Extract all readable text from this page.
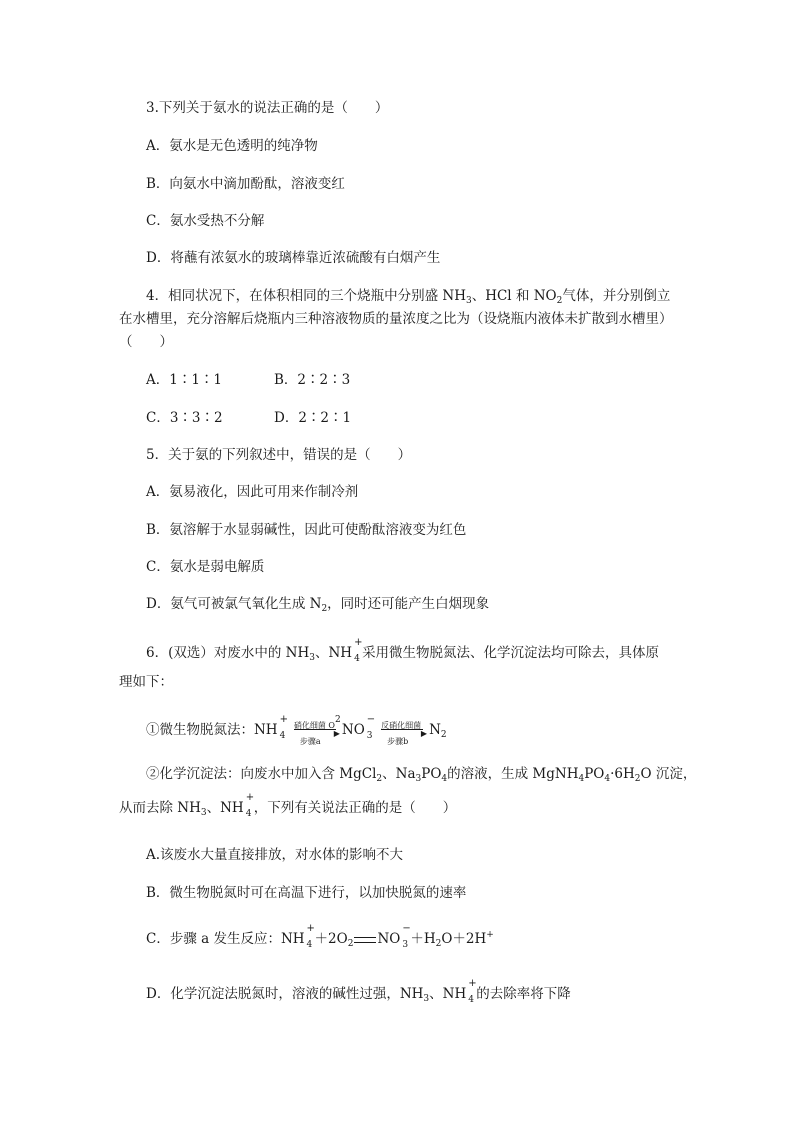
3.下列关于氨水的说法正确的是（　　）
A．氨水是无色透明的纯净物
B．向氨水中滴加酚酞，溶液变红
C．氨水受热不分解
D．将蘸有浓氨水的玻璃棒靠近浓硫酸有白烟产生
4．相同状况下，在体积相同的三个烧瓶中分别盛 $NH_3$、HCl 和 $NO_2$气体，并分别倒立
在水槽里，充分溶解后烧瓶内三种溶液物质的量浓度之比为（设烧瓶内液体未扩散到水槽里）
（　　）
A．1∶1∶1	B．2∶2∶3
C．3∶3∶2	D．2∶2∶1
5．关于氨的下列叙述中，错误的是（　　）
A．氨易液化，因此可用来作制冷剂
B．氨溶解于水显弱碱性，因此可使酚酞溶液变为红色
C．氨水是弱电解质
D．氨气可被氯气氧化生成 $N_2$，同时还可能产生白烟现象
6．(双选）对废水中的 $NH_3$、NH
+
4 采用微生物脱氮法、化学沉淀法均可除去，具体原
理如下：
①微生物脱氮法：NH
+
4

硝化细菌 $O^2$
▶
步骤a
NO
−
3

反硝化细菌
▶
步骤b
$N_2$
②化学沉淀法：向废水中加入含 MgCl$_2$、$Na_3PO_4$的溶液，生成 $MgNH_4PO_4\cdot 6H_2O$ 沉淀，
从而去除 $NH_3$、NH
+
4 ，下列有关说法正确的是（　　）
A.该废水大量直接排放，对水体的影响不大
B．微生物脱氮时可在高温下进行，以加快脱氮的速率
C．步骤 a 发生反应：NH
+
$4 +2O_2$ NO
−
$3 +H_2O+2H^+$
D．化学沉淀法脱氮时，溶液的碱性过强，$NH_3$、NH
+
4 的去除率将下降
